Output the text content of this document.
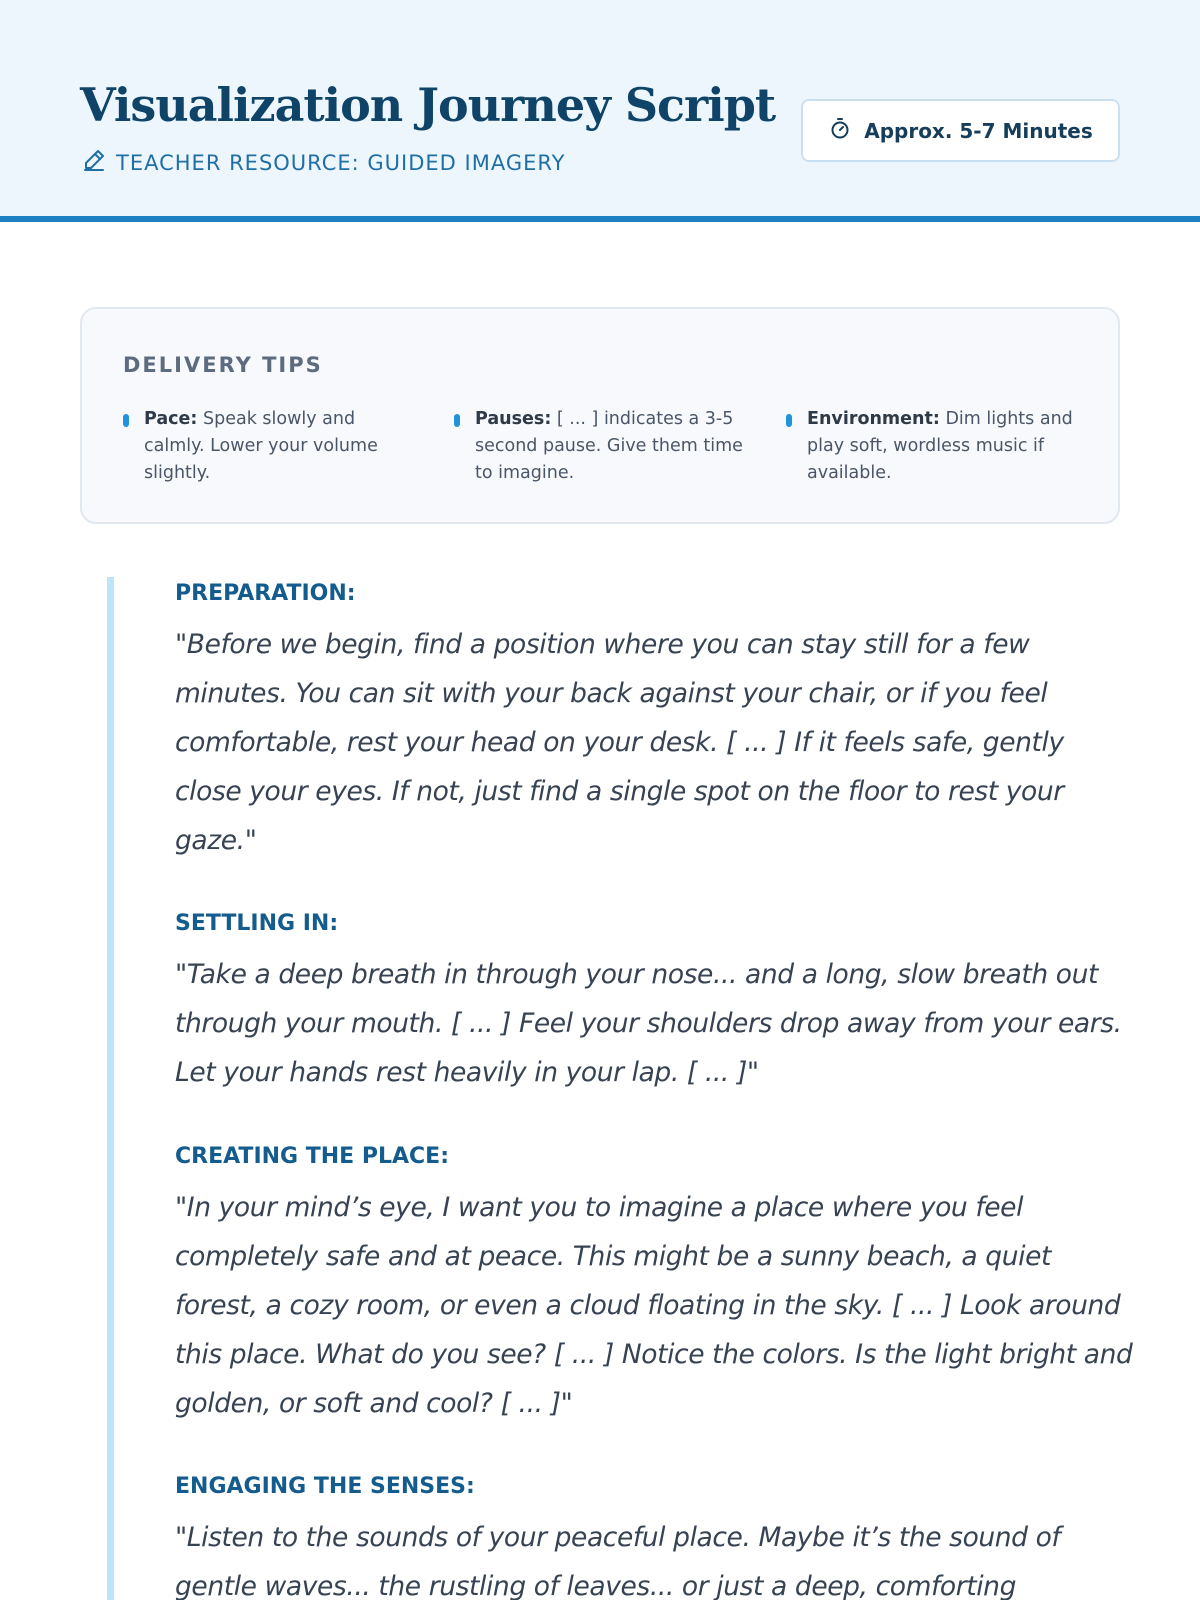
Visualization Journey Script
TEACHER RESOURCE: GUIDED IMAGERY
Approx. 5-7 Minutes
DELIVERY TIPS
Pace: Speak slowly and calmly. Lower your volume slightly.
Pauses: [ ... ] indicates a 3-5 second pause. Give them time to imagine.
Environment: Dim lights and play soft, wordless music if available.
PREPARATION:
"Before we begin, find a position where you can stay still for a few minutes. You can sit with your back against your chair, or if you feel comfortable, rest your head on your desk. [ ... ] If it feels safe, gently close your eyes. If not, just find a single spot on the floor to rest your gaze."
SETTLING IN:
"Take a deep breath in through your nose... and a long, slow breath out through your mouth. [ ... ] Feel your shoulders drop away from your ears. Let your hands rest heavily in your lap. [ ... ]"
CREATING THE PLACE:
"In your mind’s eye, I want you to imagine a place where you feel completely safe and at peace. This might be a sunny beach, a quiet forest, a cozy room, or even a cloud floating in the sky. [ ... ] Look around this place. What do you see? [ ... ] Notice the colors. Is the light bright and golden, or soft and cool? [ ... ]"
ENGAGING THE SENSES:
"Listen to the sounds of your peaceful place. Maybe it’s the sound of gentle waves... the rustling of leaves... or just a deep, comforting
